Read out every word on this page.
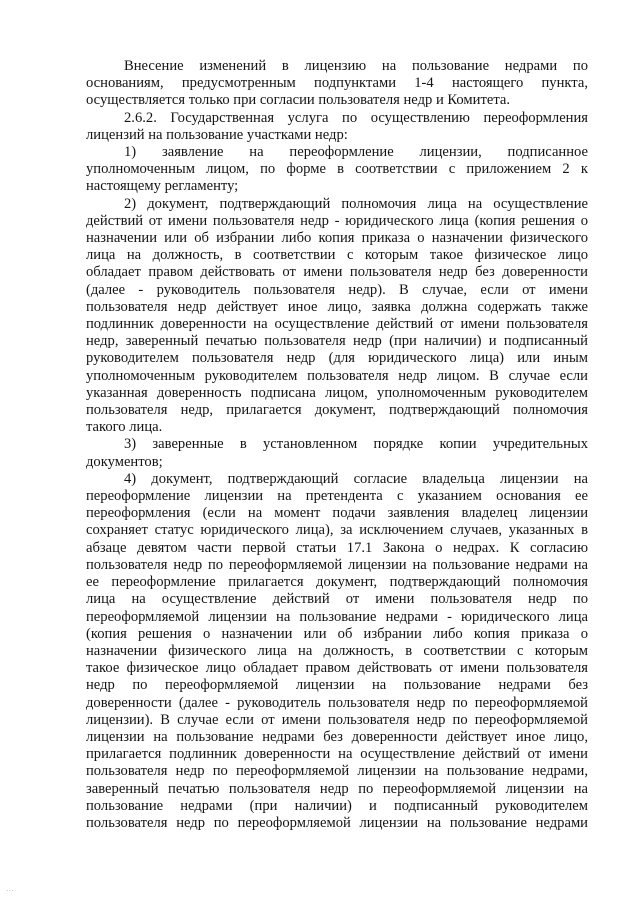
Внесение изменений в лицензию на пользование недрами по
основаниям, предусмотренным подпунктами 1-4 настоящего пункта,
осуществляется только при согласии пользователя недр и Комитета.

2.6.2. Государственная услуга по осуществлению переоформления
лицензий на пользование участками недр:

1) заявление на переоформление лицензии, подписанное
уполномоченным лицом, по форме в соответствии с приложением 2 к
настоящему регламенту;

2) документ, подтверждающий полномочия лица на осуществление
действий от имени пользователя недр - юридического лица (копия решения о
назначении или об избрании либо копия приказа о назначении физического
лица на должность, в соответствии с которым такое физическое лицо
обладает правом действовать от имени пользователя недр без доверенности
(далее - руководитель пользователя недр). В случае, если от имени
пользователя недр действует иное лицо, заявка должна содержать также
подлинник доверенности на осуществление действий от имени пользователя
недр, заверенный печатью пользователя недр (при наличии) и подписанный
руководителем пользователя недр (для юридического лица) или иным
уполномоченным руководителем пользователя недр лицом. В случае если
указанная доверенность подписана лицом, уполномоченным руководителем
пользователя недр, прилагается документ, подтверждающий полномочия
такого лица.

3) заверенные в установленном порядке копии учредительных
документов;

4) документ, подтверждающий согласие владельца лицензии на
переоформление лицензии на претендента с указанием основания ее
переоформления (если на момент подачи заявления владелец лицензии
сохраняет статус юридического лица), за исключением случаев, указанных в
абзаце девятом части первой статьи 17.1 Закона о недрах. К согласию
пользователя недр по переоформляемой лицензии на пользование недрами на
ее переоформление прилагается документ, подтверждающий полномочия
лица на осуществление действий от имени пользователя недр по
переоформляемой лицензии на пользование недрами - юридического лица
(копия решения о назначении или об избрании либо копия приказа о
назначении физического лица на должность, в соответствии с которым
такое физическое лицо обладает правом действовать от имени пользователя
недр по переоформляемой лицензии на пользование недрами без
доверенности (далее - руководитель пользователя недр по переоформляемой
лицензии). В случае если от имени пользователя недр по переоформляемой
лицензии на пользование недрами без доверенности действует иное лицо,
прилагается подлинник доверенности на осуществление действий от имени
пользователя недр по переоформляемой лицензии на пользование недрами,
заверенный печатью пользователя недр по переоформляемой лицензии на
пользование недрами (при наличии) и подписанный руководителем
пользователя недр по переоформляемой лицензии на пользование недрами

...
